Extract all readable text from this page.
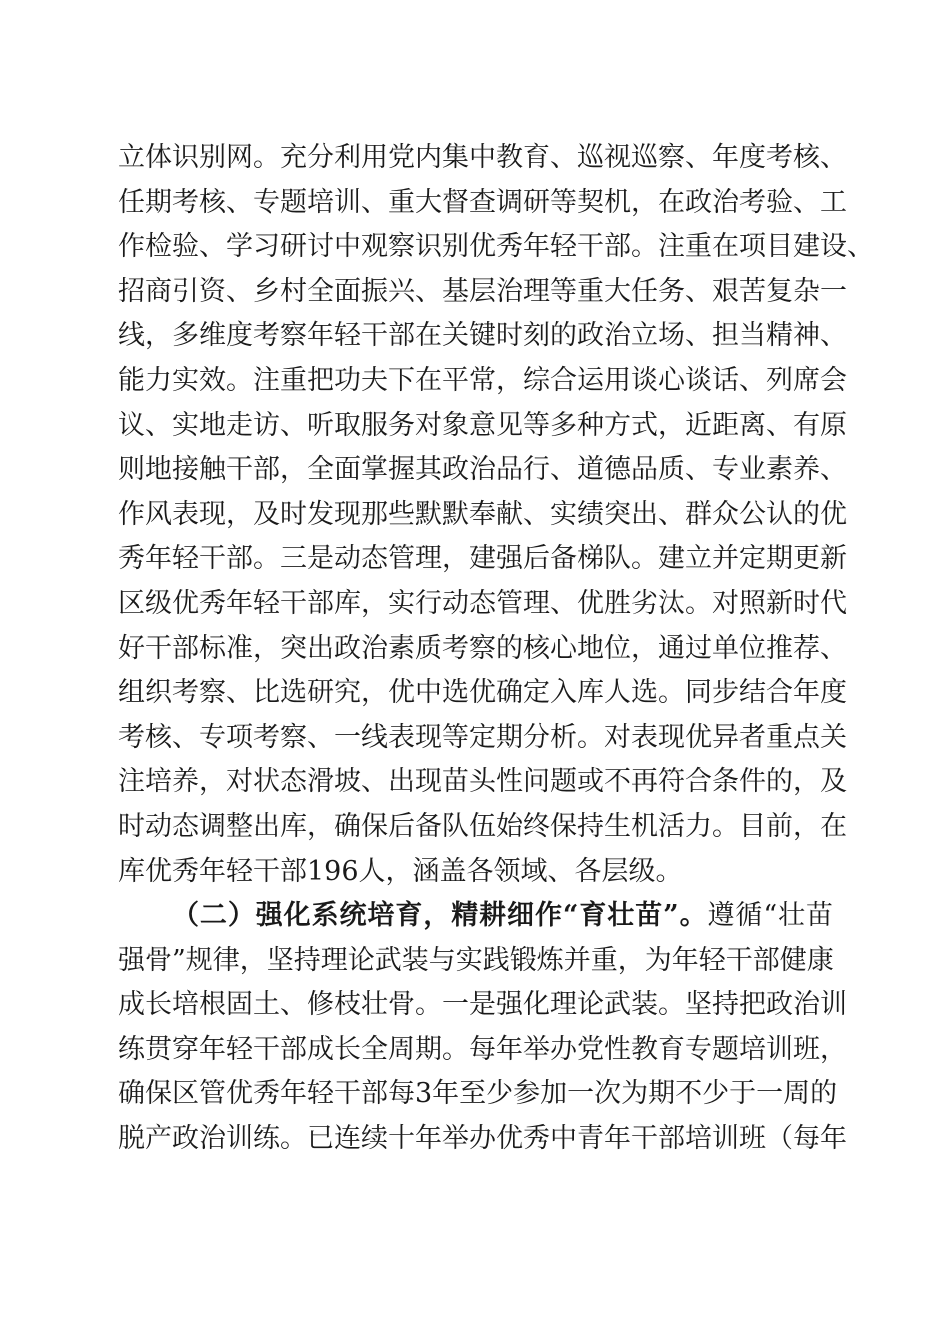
立体识别网。充分利用党内集中教育、巡视巡察、年度考核、
任期考核、专题培训、重大督查调研等契机，在政治考验、工
作检验、学习研讨中观察识别优秀年轻干部。注重在项目建设、
招商引资、乡村全面振兴、基层治理等重大任务、艰苦复杂一
线，多维度考察年轻干部在关键时刻的政治立场、担当精神、
能力实效。注重把功夫下在平常，综合运用谈心谈话、列席会
议、实地走访、听取服务对象意见等多种方式，近距离、有原
则地接触干部，全面掌握其政治品行、道德品质、专业素养、
作风表现，及时发现那些默默奉献、实绩突出、群众公认的优
秀年轻干部。三是动态管理，建强后备梯队。建立并定期更新
区级优秀年轻干部库，实行动态管理、优胜劣汰。对照新时代
好干部标准，突出政治素质考察的核心地位，通过单位推荐、
组织考察、比选研究，优中选优确定入库人选。同步结合年度
考核、专项考察、一线表现等定期分析。对表现优异者重点关
注培养，对状态滑坡、出现苗头性问题或不再符合条件的，及
时动态调整出库，确保后备队伍始终保持生机活力。目前，在
库优秀年轻干部196人，涵盖各领域、各层级。
（二）强化系统培育，精耕细作“育壮苗”。遵循“壮苗
强骨”规律，坚持理论武装与实践锻炼并重，为年轻干部健康
成长培根固土、修枝壮骨。一是强化理论武装。坚持把政治训
练贯穿年轻干部成长全周期。每年举办党性教育专题培训班，
确保区管优秀年轻干部每3年至少参加一次为期不少于一周的
脱产政治训练。已连续十年举办优秀中青年干部培训班（每年
